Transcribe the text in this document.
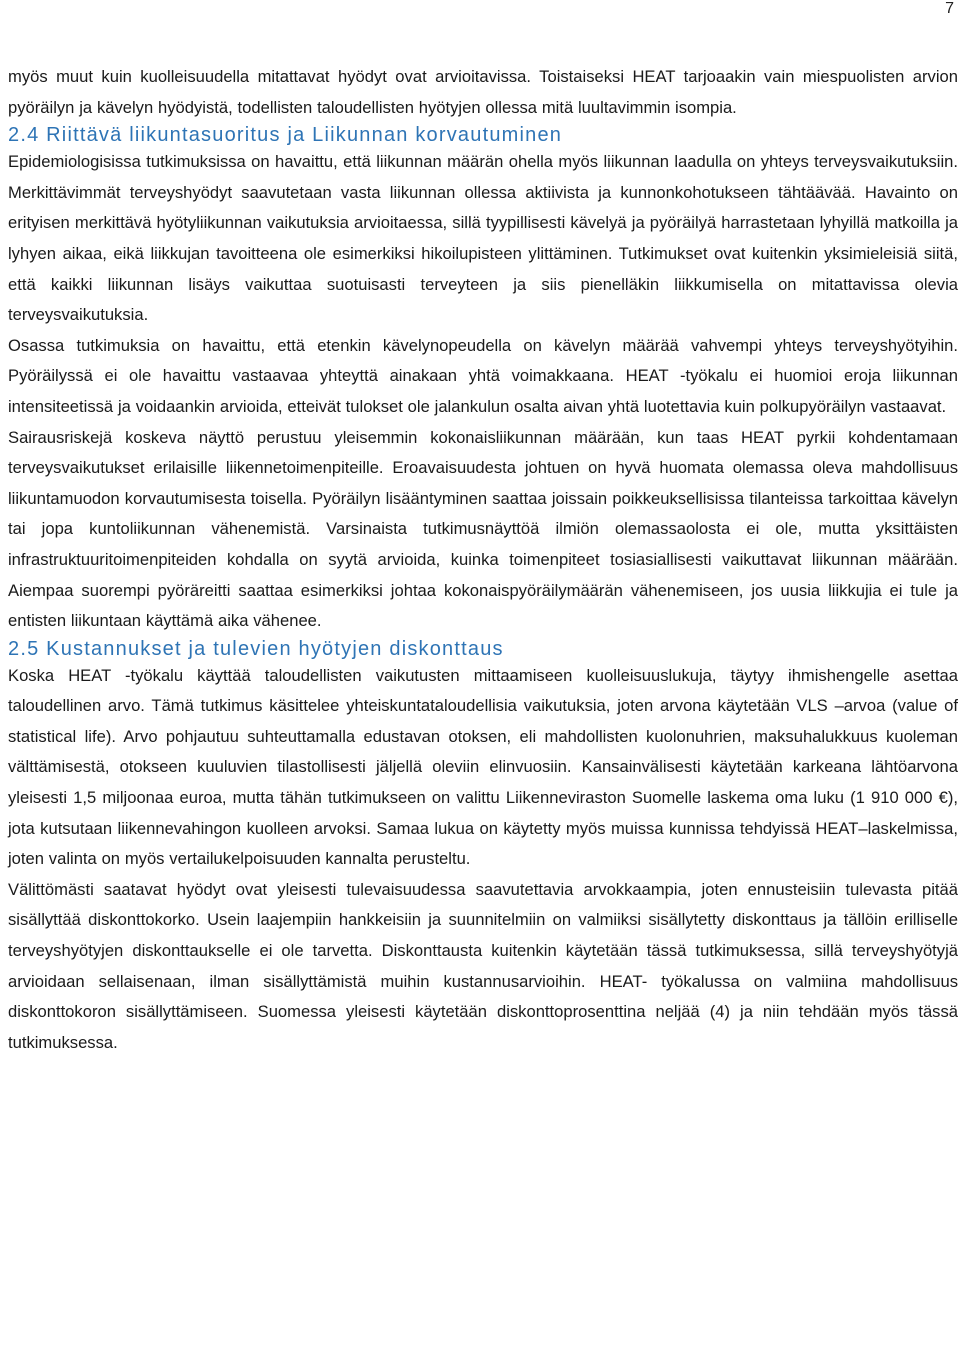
7

myös muut kuin kuolleisuudella mitattavat hyödyt ovat arvioitavissa. Toistaiseksi HEAT tarjoaakin vain miespuolisten arvion pyöräilyn ja kävelyn hyödyistä, todellisten taloudellisten hyötyjen ollessa mitä luultavimmin isompia.

2.4 Riittävä liikuntasuoritus ja Liikunnan korvautuminen

Epidemiologisissa tutkimuksissa on havaittu, että liikunnan määrän ohella myös liikunnan laadulla on yhteys terveysvaikutuksiin. Merkittävimmät terveyshyödyt saavutetaan vasta liikunnan ollessa aktiivista ja kunnonkohotukseen tähtäävää. Havainto on erityisen merkittävä hyötyliikunnan vaikutuksia arvioitaessa, sillä tyypillisesti kävelyä ja pyöräilyä harrastetaan lyhyillä matkoilla ja lyhyen aikaa, eikä liikkujan tavoitteena ole esimerkiksi hikoilupisteen ylittäminen. Tutkimukset ovat kuitenkin yksimieleisiä siitä, että kaikki liikunnan lisäys vaikuttaa suotuisasti terveyteen ja siis pienelläkin liikkumisella on mitattavissa olevia terveysvaikutuksia.

Osassa tutkimuksia on havaittu, että etenkin kävelynopeudella on kävelyn määrää vahvempi yhteys terveyshyötyihin. Pyöräilyssä ei ole havaittu vastaavaa yhteyttä ainakaan yhtä voimakkaana. HEAT -työkalu ei huomioi eroja liikunnan intensiteetissä ja voidaankin arvioida, etteivät tulokset ole jalankulun osalta aivan yhtä luotettavia kuin polkupyöräilyn vastaavat.

Sairausriskejä koskeva näyttö perustuu yleisemmin kokonaisliikunnan määrään, kun taas HEAT pyrkii kohdentamaan terveysvaikutukset erilaisille liikennetoimenpiteille. Eroavaisuudesta johtuen on hyvä huomata olemassa oleva mahdollisuus liikuntamuodon korvautumisesta toisella. Pyöräilyn lisääntyminen saattaa joissain poikkeuksellisissa tilanteissa tarkoittaa kävelyn tai jopa kuntoliikunnan vähenemistä. Varsinaista tutkimusnäyttöä ilmiön olemassaolosta ei ole, mutta yksittäisten infrastruktuuritoimenpiteiden kohdalla on syytä arvioida, kuinka toimenpiteet tosiasiallisesti vaikuttavat liikunnan määrään. Aiempaa suorempi pyöräreitti saattaa esimerkiksi johtaa kokonaispyöräilymäärän vähenemiseen, jos uusia liikkujia ei tule ja entisten liikuntaan käyttämä aika vähenee.

2.5 Kustannukset ja tulevien hyötyjen diskonttaus

Koska HEAT -työkalu käyttää taloudellisten vaikutusten mittaamiseen kuolleisuuslukuja, täytyy ihmishengelle asettaa taloudellinen arvo. Tämä tutkimus käsittelee yhteiskuntataloudellisia vaikutuksia, joten arvona käytetään VLS –arvoa (value of statistical life). Arvo pohjautuu suhteuttamalla edustavan otoksen, eli mahdollisten kuolonuhrien, maksuhalukkuus kuoleman välttämisestä, otokseen kuuluvien tilastollisesti jäljellä oleviin elinvuosiin. Kansainvälisesti käytetään karkeana lähtöarvona yleisesti 1,5 miljoonaa euroa, mutta tähän tutkimukseen on valittu Liikenneviraston Suomelle laskema oma luku (1 910 000 €), jota kutsutaan liikennevahingon kuolleen arvoksi. Samaa lukua on käytetty myös muissa kunnissa tehdyissä HEAT–laskelmissa, joten valinta on myös vertailukelpoisuuden kannalta perusteltu.

Välittömästi saatavat hyödyt ovat yleisesti tulevaisuudessa saavutettavia arvokkaampia, joten ennusteisiin tulevasta pitää sisällyttää diskonttokorko. Usein laajempiin hankkeisiin ja suunnitelmiin on valmiiksi sisällytetty diskonttaus ja tällöin erilliselle terveyshyötyjen diskonttaukselle ei ole tarvetta. Diskonttausta kuitenkin käytetään tässä tutkimuksessa, sillä terveyshyötyjä arvioidaan sellaisenaan, ilman sisällyttämistä muihin kustannusarvioihin. HEAT- työkalussa on valmiina mahdollisuus diskonttokoron sisällyttämiseen. Suomessa yleisesti käytetään diskonttoprosenttina neljää (4) ja niin tehdään myös tässä tutkimuksessa.
